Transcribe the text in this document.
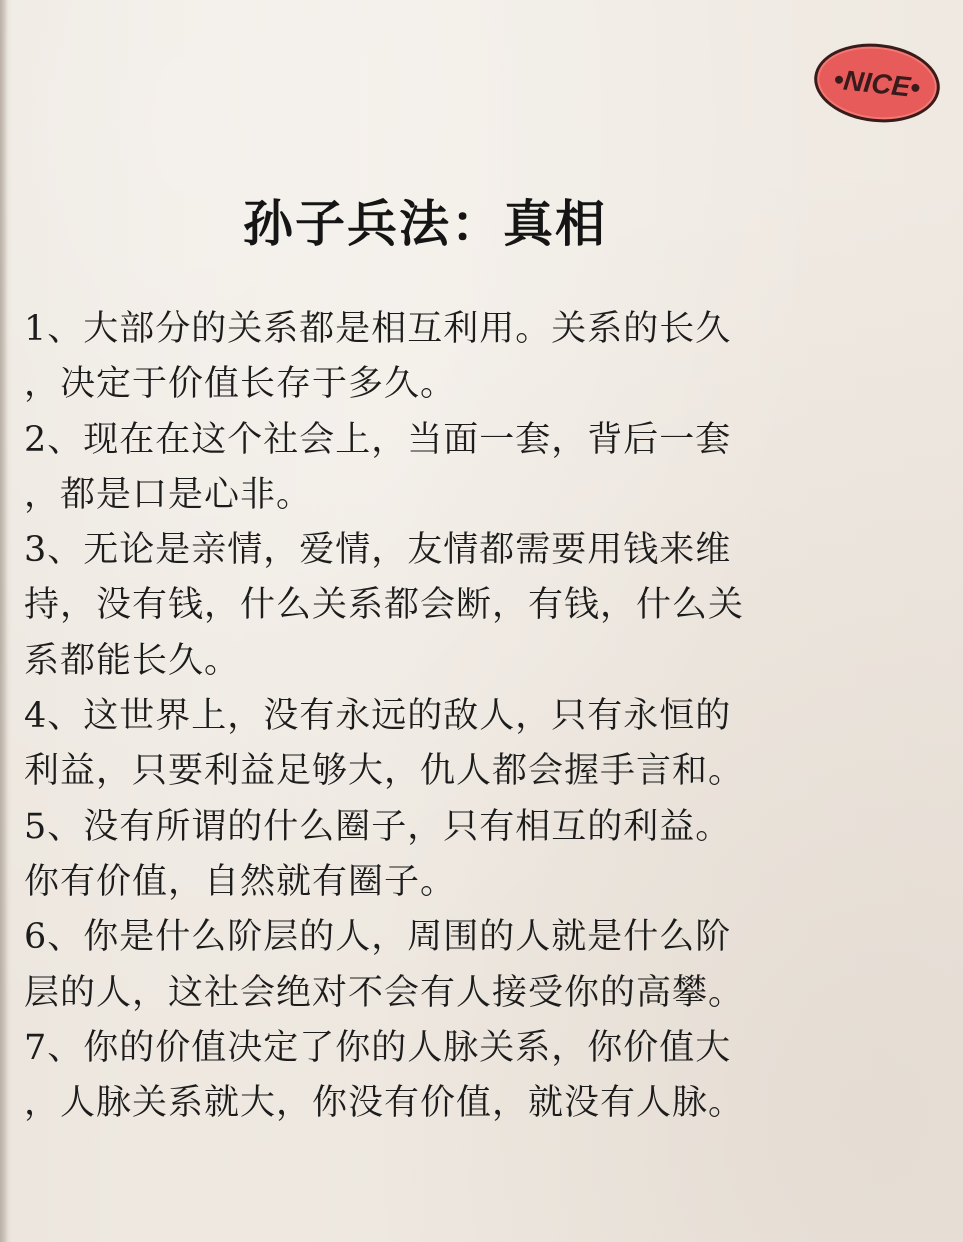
•NICE•
孙子兵法：真相
1、大部分的关系都是相互利用。关系的长久
，决定于价值长存于多久。
2、现在在这个社会上，当面一套，背后一套
，都是口是心非。
3、无论是亲情，爱情，友情都需要用钱来维
持，没有钱，什么关系都会断，有钱，什么关
系都能长久。
4、这世界上，没有永远的敌人，只有永恒的
利益，只要利益足够大，仇人都会握手言和。
5、没有所谓的什么圈子，只有相互的利益。
你有价值，自然就有圈子。
6、你是什么阶层的人，周围的人就是什么阶
层的人，这社会绝对不会有人接受你的高攀。
7、你的价值决定了你的人脉关系，你价值大
，人脉关系就大，你没有价值，就没有人脉。
